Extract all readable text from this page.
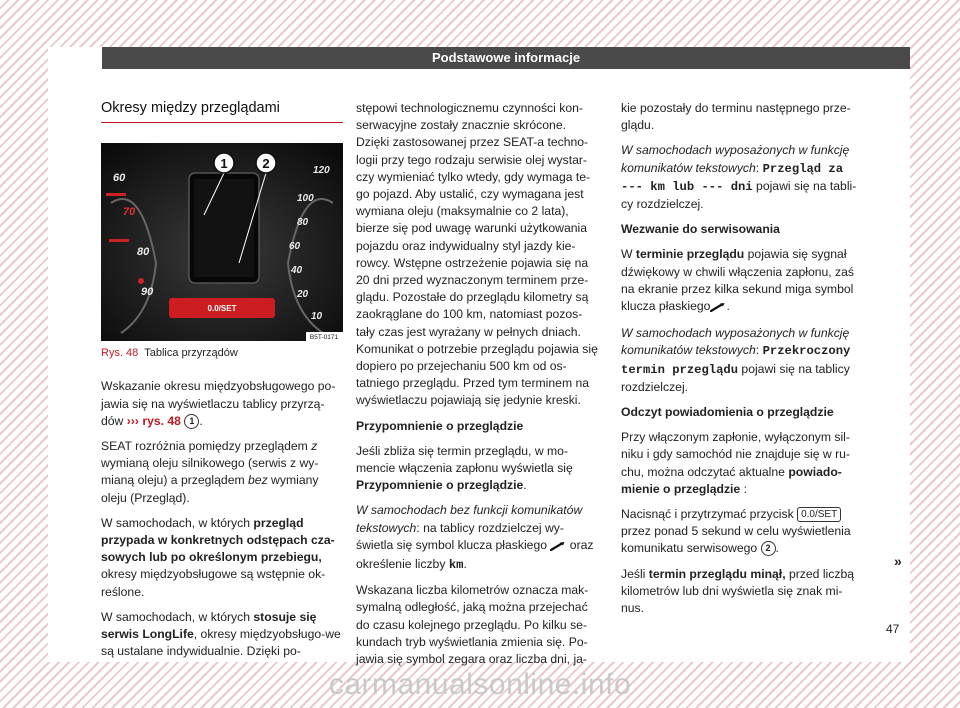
Podstawowe informacje
Okresy między przeglądami
60
70
80
90
120
100
80
60
40
20
10
0.0/SET
1	2
B5T-0171
Rys. 48 Tablica przyrządów

Wskazanie okresu międzyobsługowego po-jawia się na wyświetlaczu tablicy przyrzą-dów ››› rys. 48 1 .

SEAT rozróżnia pomiędzy przeglądem z wymianą oleju silnikowego (serwis z wy-mianą oleju) a przeglądem bez wymiany oleju (Przegląd).

W samochodach, w których przegląd przypada w konkretnych odstępach cza-sowych lub po określonym przebiegu, okresy międzyobsługowe są wstępnie ok-reślone.

W samochodach, w których stosuje się serwis LongLife, okresy międzyobsługo-we są ustalane indywidualnie. Dzięki po-

stępowi technologicznemu czynności kon-serwacyjne zostały znacznie skrócone. Dzięki zastosowanej przez SEAT-a techno-logii przy tego rodzaju serwisie olej wystar-czy wymieniać tylko wtedy, gdy wymaga te-go pojazd. Aby ustalić, czy wymagana jest wymiana oleju (maksymalnie co 2 lata), bierze się pod uwagę warunki użytkowania pojazdu oraz indywidualny styl jazdy kie-rowcy. Wstępne ostrzeżenie pojawia się na 20 dni przed wyznaczonym terminem prze-glądu. Pozostałe do przeglądu kilometry są zaokrąglane do 100 km, natomiast pozos-tały czas jest wyrażany w pełnych dniach. Komunikat o potrzebie przeglądu pojawia się dopiero po przejechaniu 500 km od os-tatniego przeglądu. Przed tym terminem na wyświetlaczu pojawiają się jedynie kreski.

Przypomnienie o przeglądzie

Jeśli zbliża się termin przeglądu, w mo-mencie włączenia zapłonu wyświetla się Przypomnienie o przeglądzie.

W samochodach bez funkcji komunikatów tekstowych: na tablicy rozdzielczej wy-świetla się symbol klucza płaskiego  oraz określenie liczby km.

Wskazana liczba kilometrów oznacza mak-symalną odległość, jaką można przejechać do czasu kolejnego przeglądu. Po kilku se-kundach tryb wyświetlania zmienia się. Po-jawia się symbol zegara oraz liczba dni, ja-

kie pozostały do terminu następnego prze-glądu.

W samochodach wyposażonych w funkcję komunikatów tekstowych: Przegląd za --- km lub --- dni pojawi się na tabli-cy rozdzielczej.

Wezwanie do serwisowania

W terminie przeglądu pojawia się sygnał dźwiękowy w chwili włączenia zapłonu, zaś na ekranie przez kilka sekund miga symbol klucza płaskiego .

W samochodach wyposażonych w funkcję komunikatów tekstowych: Przekroczony termin przeglądu pojawi się na tablicy rozdzielczej.

Odczyt powiadomienia o przeglądzie

Przy włączonym zapłonie, wyłączonym sil-niku i gdy samochód nie znajduje się w ru-chu, można odczytać aktualne powiado-mienie o przeglądzie :

Nacisnąć i przytrzymać przycisk 0.0/SET przez ponad 5 sekund w celu wyświetlenia komunikatu serwisowego 2 .

Jeśli termin przeglądu minął, przed liczbą kilometrów lub dni wyświetla się znak mi-nus.

»
47
carmanualsonline.info
